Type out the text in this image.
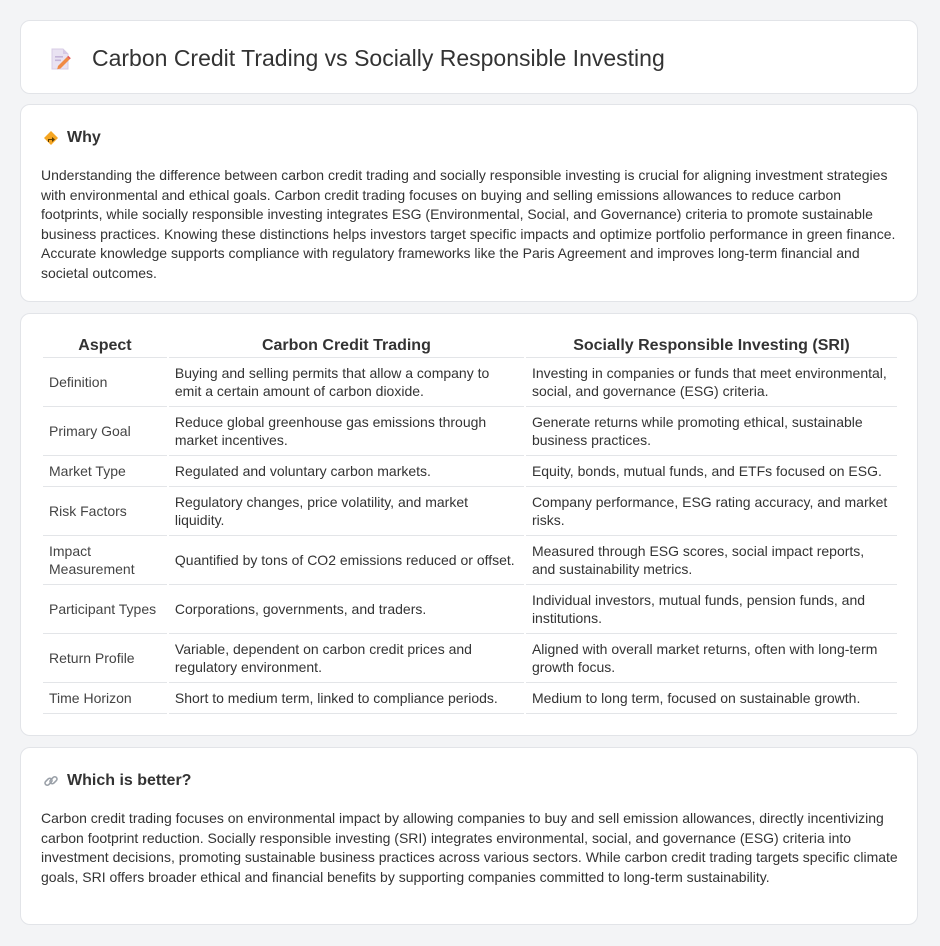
Carbon Credit Trading vs Socially Responsible Investing
Why

Understanding the difference between carbon credit trading and socially responsible investing is crucial for aligning investment strategies with environmental and ethical goals. Carbon credit trading focuses on buying and selling emissions allowances to reduce carbon footprints, while socially responsible investing integrates ESG (Environmental, Social, and Governance) criteria to promote sustainable business practices. Knowing these distinctions helps investors target specific impacts and optimize portfolio performance in green finance. Accurate knowledge supports compliance with regulatory frameworks like the Paris Agreement and improves long-term financial and societal outcomes.

Aspect	Carbon Credit Trading	Socially Responsible Investing (SRI)
Definition	Buying and selling permits that allow a company to emit a certain amount of carbon dioxide.	Investing in companies or funds that meet environmental, social, and governance (ESG) criteria.
Primary Goal	Reduce global greenhouse gas emissions through market incentives.	Generate returns while promoting ethical, sustainable business practices.
Market Type	Regulated and voluntary carbon markets.	Equity, bonds, mutual funds, and ETFs focused on ESG.
Risk Factors	Regulatory changes, price volatility, and market liquidity.	Company performance, ESG rating accuracy, and market risks.
Impact Measurement	Quantified by tons of CO2 emissions reduced or offset.	Measured through ESG scores, social impact reports, and sustainability metrics.
Participant Types	Corporations, governments, and traders.	Individual investors, mutual funds, pension funds, and institutions.
Return Profile	Variable, dependent on carbon credit prices and regulatory environment.	Aligned with overall market returns, often with long-term growth focus.
Time Horizon	Short to medium term, linked to compliance periods.	Medium to long term, focused on sustainable growth.
Which is better?

Carbon credit trading focuses on environmental impact by allowing companies to buy and sell emission allowances, directly incentivizing carbon footprint reduction. Socially responsible investing (SRI) integrates environmental, social, and governance (ESG) criteria into investment decisions, promoting sustainable business practices across various sectors. While carbon credit trading targets specific climate goals, SRI offers broader ethical and financial benefits by supporting companies committed to long-term sustainability.
